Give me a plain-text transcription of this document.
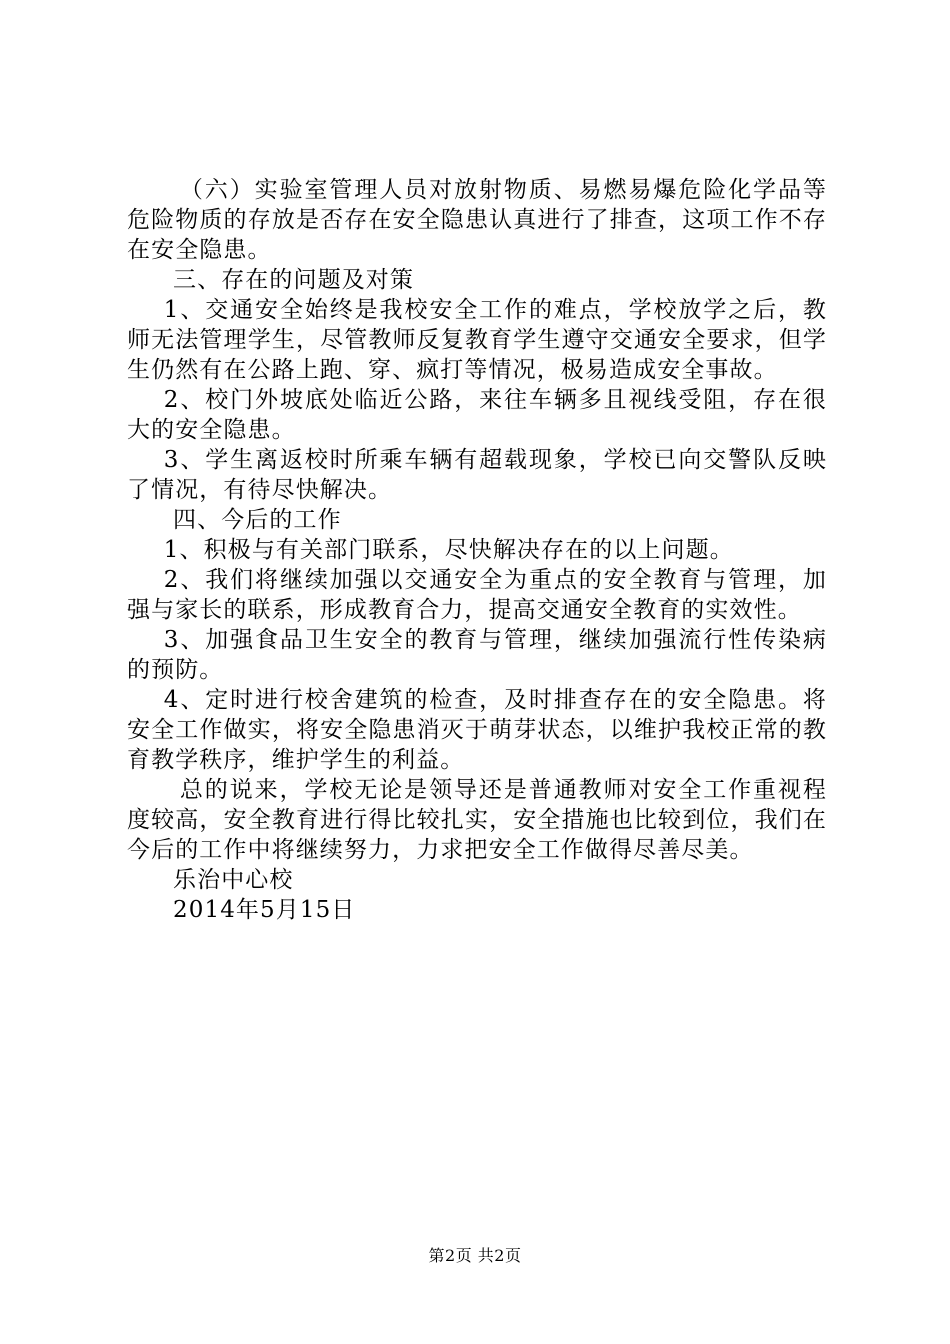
（六）实验室管理人员对放射物质、易燃易爆危险化学品等危险物质的存放是否存在安全隐患认真进行了排查，这项工作不存在安全隐患。

三、存在的问题及对策

1、交通安全始终是我校安全工作的难点，学校放学之后，教师无法管理学生，尽管教师反复教育学生遵守交通安全要求，但学生仍然有在公路上跑、穿、疯打等情况，极易造成安全事故。

2、校门外坡底处临近公路，来往车辆多且视线受阻，存在很大的安全隐患。

3、学生离返校时所乘车辆有超载现象，学校已向交警队反映了情况，有待尽快解决。

四、今后的工作

1、积极与有关部门联系，尽快解决存在的以上问题。

2、我们将继续加强以交通安全为重点的安全教育与管理，加强与家长的联系，形成教育合力，提高交通安全教育的实效性。

3、加强食品卫生安全的教育与管理，继续加强流行性传染病的预防。

4、定时进行校舍建筑的检查，及时排查存在的安全隐患。将安全工作做实，将安全隐患消灭于萌芽状态，以维护我校正常的教育教学秩序，维护学生的利益。

总的说来，学校无论是领导还是普通教师对安全工作重视程度较高，安全教育进行得比较扎实，安全措施也比较到位，我们在今后的工作中将继续努力，力求把安全工作做得尽善尽美。

乐治中心校

2014年5月15日

第2页 共2页
